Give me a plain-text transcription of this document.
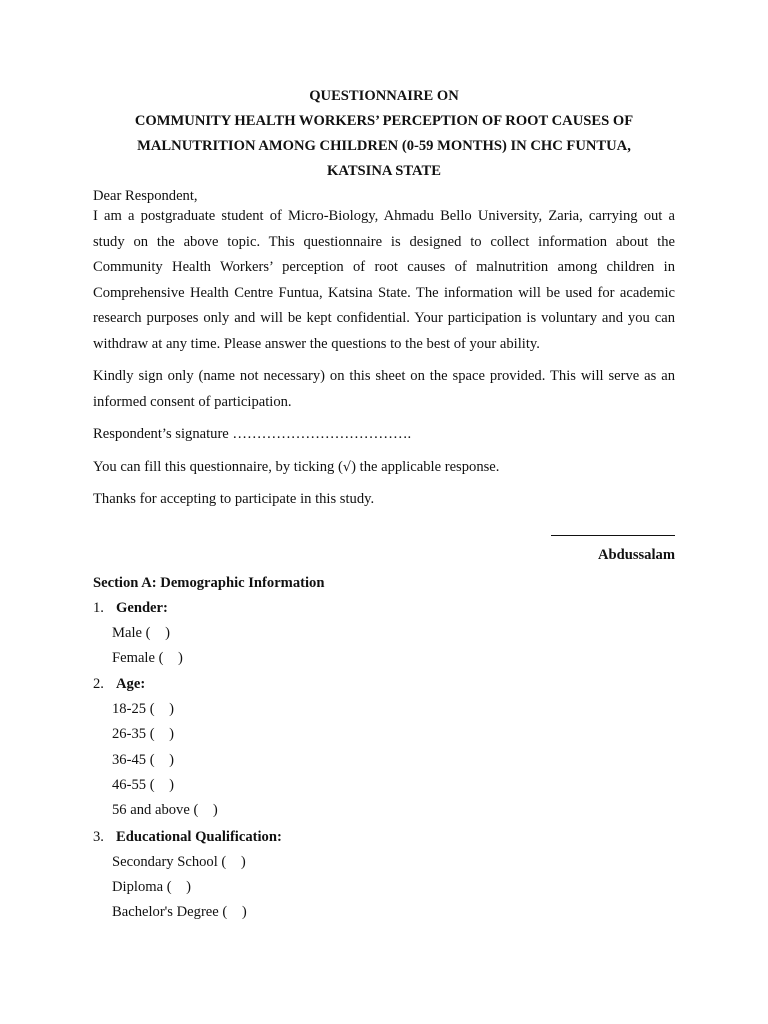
QUESTIONNAIRE ON
COMMUNITY HEALTH WORKERS’ PERCEPTION OF ROOT CAUSES OF
MALNUTRITION AMONG CHILDREN (0-59 MONTHS) IN CHC FUNTUA,
KATSINA STATE
Dear Respondent,
I am a postgraduate student of Micro-Biology, Ahmadu Bello University, Zaria, carrying out a study on the above topic. This questionnaire is designed to collect information about the Community Health Workers’ perception of root causes of malnutrition among children in Comprehensive Health Centre Funtua, Katsina State. The information will be used for academic research purposes only and will be kept confidential. Your participation is voluntary and you can withdraw at any time. Please answer the questions to the best of your ability.
Kindly sign only (name not necessary) on this sheet on the space provided. This will serve as an informed consent of participation.
Respondent’s signature ……………………………….
You can fill this questionnaire, by ticking (√) the applicable response.
Thanks for accepting to participate in this study.
Abdussalam
Section A: Demographic Information
1. Gender:
Male (    )
Female (    )
2. Age:
18-25 (    )
26-35 (    )
36-45 (    )
46-55 (    )
56 and above (    )
3. Educational Qualification:
Secondary School (    )
Diploma (    )
Bachelor's Degree (    )
